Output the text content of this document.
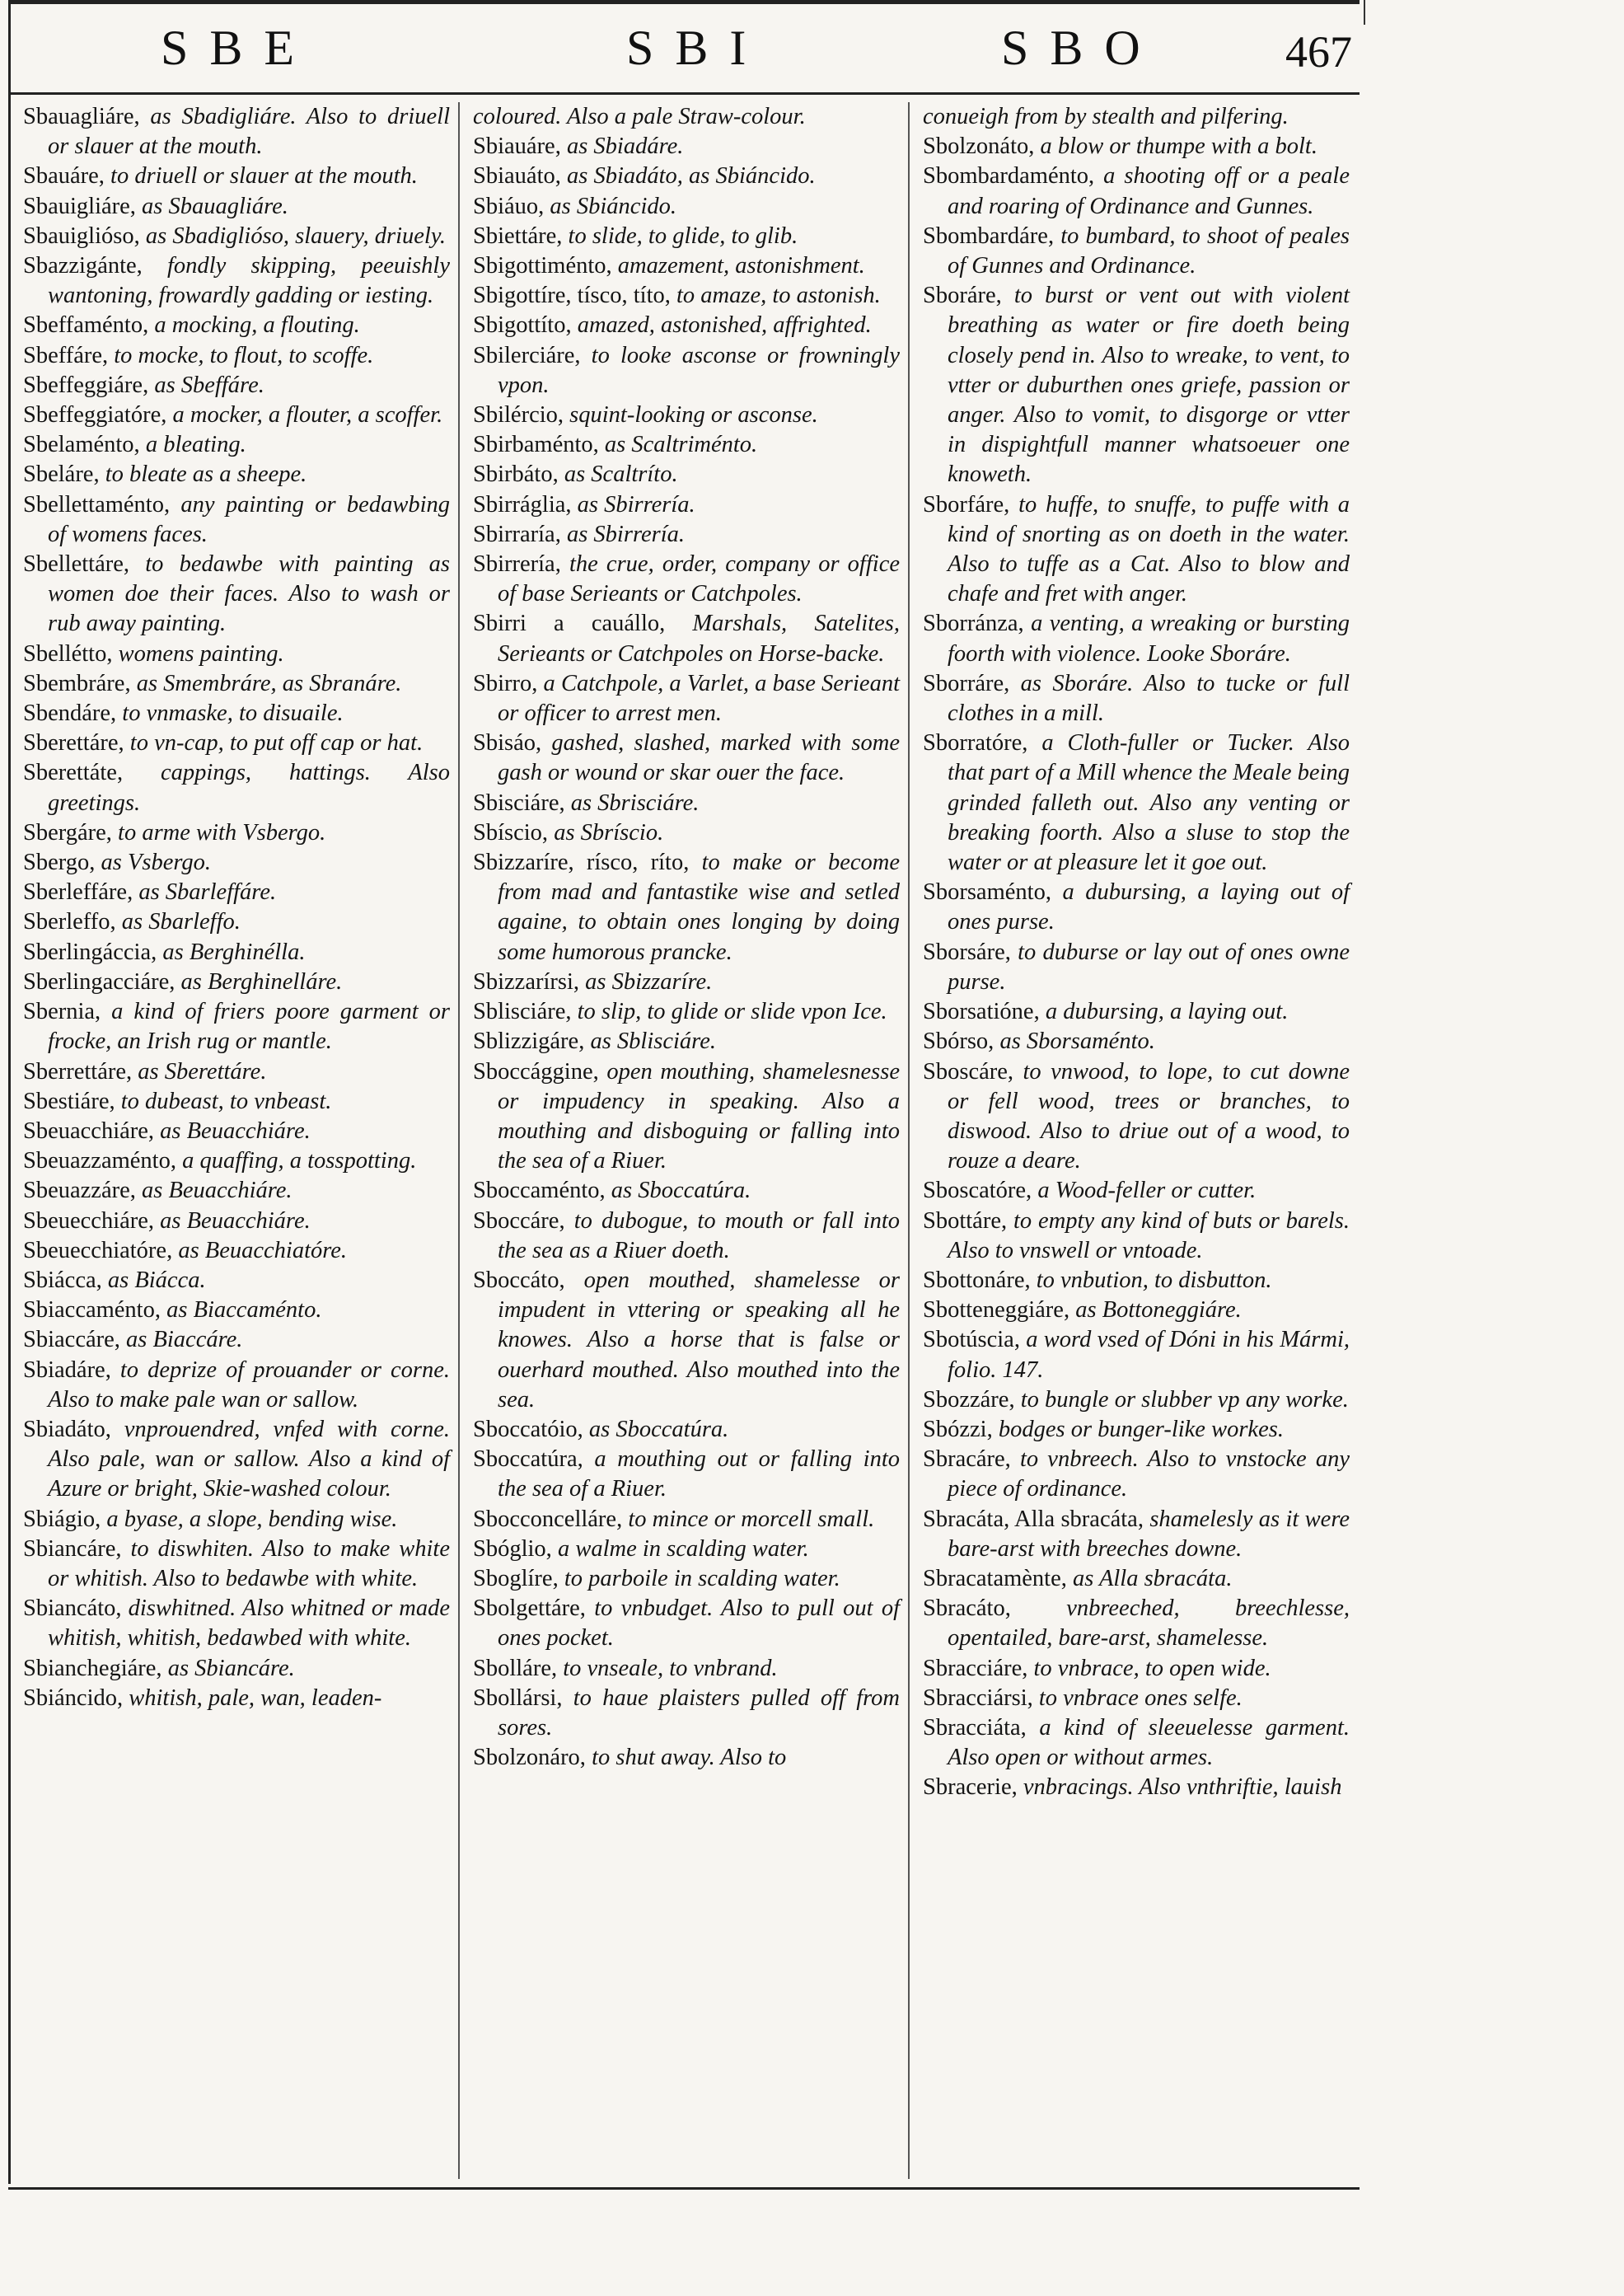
SBE	SBI	SBO	467

Sbauagliáre, as Sbadigliáre. Also to driuell or slauer at the mouth.

Sbauáre, to driuell or slauer at the mouth.

Sbauigliáre, as Sbauagliáre.

Sbauiglióso, as Sbadiglióso, slauery, driuely.

Sbazzigánte, fondly skipping, peeuishly wantoning, frowardly gadding or iesting.

Sbeffaménto, a mocking, a flouting.

Sbeffáre, to mocke, to flout, to scoffe.

Sbeffeggiáre, as Sbeffáre.

Sbeffeggiatóre, a mocker, a flouter, a scoffer.

Sbelaménto, a bleating.

Sbeláre, to bleate as a sheepe.

Sbellettaménto, any painting or bedawbing of womens faces.

Sbellettáre, to bedawbe with painting as women doe their faces. Also to wash or rub away painting.

Sbellétto, womens painting.

Sbembráre, as Smembráre, as Sbranáre.

Sbendáre, to vnmaske, to disuaile.

Sberettáre, to vn-cap, to put off cap or hat.

Sberettáte, cappings, hattings. Also greetings.

Sbergáre, to arme with Vsbergo.

Sbergo, as Vsbergo.

Sberleffáre, as Sbarleffáre.

Sberleffo, as Sbarleffo.

Sberlingáccia, as Berghinélla.

Sberlingacciáre, as Berghinelláre.

Sbernia, a kind of friers poore garment or frocke, an Irish rug or mantle.

Sberrettáre, as Sberettáre.

Sbestiáre, to dubeast, to vnbeast.

Sbeuacchiáre, as Beuacchiáre.

Sbeuazzaménto, a quaffing, a tosspotting.

Sbeuazzáre, as Beuacchiáre.

Sbeuecchiáre, as Beuacchiáre.

Sbeuecchiatóre, as Beuacchiatóre.

Sbiácca, as Biácca.

Sbiaccaménto, as Biaccaménto.

Sbiaccáre, as Biaccáre.

Sbiadáre, to deprize of prouander or corne. Also to make pale wan or sallow.

Sbiadáto, vnprouendred, vnfed with corne. Also pale, wan or sallow. Also a kind of Azure or bright, Skie-washed colour.

Sbiágio, a byase, a slope, bending wise.

Sbiancáre, to diswhiten. Also to make white or whitish. Also to bedawbe with white.

Sbiancáto, diswhitned. Also whitned or made whitish, whitish, bedawbed with white.

Sbianchegiáre, as Sbiancáre.

Sbiáncido, whitish, pale, wan, leaden-

coloured. Also a pale Straw-colour.

Sbiauáre, as Sbiadáre.

Sbiauáto, as Sbiadáto, as Sbiáncido.

Sbiáuo, as Sbiáncido.

Sbiettáre, to slide, to glide, to glib.

Sbigottiménto, amazement, astonishment.

Sbigottíre, tísco, títo, to amaze, to astonish.

Sbigottíto, amazed, astonished, affrighted.

Sbilerciáre, to looke asconse or frowningly vpon.

Sbilércio, squint-looking or asconse.

Sbirbaménto, as Scaltriménto.

Sbirbáto, as Scaltríto.

Sbirráglia, as Sbirrería.

Sbirraría, as Sbirrería.

Sbirrería, the crue, order, company or office of base Serieants or Catchpoles.

Sbirri a cauállo, Marshals, Satelites, Serieants or Catchpoles on Horse-backe.

Sbirro, a Catchpole, a Varlet, a base Serieant or officer to arrest men.

Sbisáo, gashed, slashed, marked with some gash or wound or skar ouer the face.

Sbisciáre, as Sbrisciáre.

Sbíscio, as Sbríscio.

Sbizzaríre, rísco, ríto, to make or become from mad and fantastike wise and setled againe, to obtain ones longing by doing some humorous prancke.

Sbizzarírsi, as Sbizzaríre.

Sblisciáre, to slip, to glide or slide vpon Ice.

Sblizzigáre, as Sblisciáre.

Sboccággine, open mouthing, shamelesnesse or impudency in speaking. Also a mouthing and disboguing or falling into the sea of a Riuer.

Sboccaménto, as Sboccatúra.

Sboccáre, to dubogue, to mouth or fall into the sea as a Riuer doeth.

Sboccáto, open mouthed, shamelesse or impudent in vttering or speaking all he knowes. Also a horse that is false or ouerhard mouthed. Also mouthed into the sea.

Sboccatóio, as Sboccatúra.

Sboccatúra, a mouthing out or falling into the sea of a Riuer.

Sbocconcelláre, to mince or morcell small.

Sbóglio, a walme in scalding water.

Sboglíre, to parboile in scalding water.

Sbolgettáre, to vnbudget. Also to pull out of ones pocket.

Sbolláre, to vnseale, to vnbrand.

Sbollársi, to haue plaisters pulled off from sores.

Sbolzonáro, to shut away. Also to

conueigh from by stealth and pilfering.

Sbolzonáto, a blow or thumpe with a bolt.

Sbombardaménto, a shooting off or a peale and roaring of Ordinance and Gunnes.

Sbombardáre, to bumbard, to shoot of peales of Gunnes and Ordinance.

Sboráre, to burst or vent out with violent breathing as water or fire doeth being closely pend in. Also to wreake, to vent, to vtter or duburthen ones griefe, passion or anger. Also to vomit, to disgorge or vtter in dispightfull manner whatsoeuer one knoweth.

Sborfáre, to huffe, to snuffe, to puffe with a kind of snorting as on doeth in the water. Also to tuffe as a Cat. Also to blow and chafe and fret with anger.

Sborránza, a venting, a wreaking or bursting foorth with violence. Looke Sboráre.

Sborráre, as Sboráre. Also to tucke or full clothes in a mill.

Sborratóre, a Cloth-fuller or Tucker. Also that part of a Mill whence the Meale being grinded falleth out. Also any venting or breaking foorth. Also a sluse to stop the water or at pleasure let it goe out.

Sborsaménto, a dubursing, a laying out of ones purse.

Sborsáre, to duburse or lay out of ones owne purse.

Sborsatióne, a dubursing, a laying out.

Sbórso, as Sborsaménto.

Sboscáre, to vnwood, to lope, to cut downe or fell wood, trees or branches, to diswood. Also to driue out of a wood, to rouze a deare.

Sboscatóre, a Wood-feller or cutter.

Sbottáre, to empty any kind of buts or barels. Also to vnswell or vntoade.

Sbottonáre, to vnbution, to disbutton.

Sbotteneggiáre, as Bottoneggiáre.

Sbotúscia, a word vsed of Dóni in his Mármi, folio. 147.

Sbozzáre, to bungle or slubber vp any worke.

Sbózzi, bodges or bunger-like workes.

Sbracáre, to vnbreech. Also to vnstocke any piece of ordinance.

Sbracáta, Alla sbracáta, shamelesly as it were bare-arst with breeches downe.

Sbracatamènte, as Alla sbracáta.

Sbracáto, vnbreeched, breechlesse, opentailed, bare-arst, shamelesse.

Sbracciáre, to vnbrace, to open wide.

Sbracciársi, to vnbrace ones selfe.

Sbracciáta, a kind of sleeuelesse garment. Also open or without armes.

Sbracerie, vnbracings. Also vnthriftie, lauish
